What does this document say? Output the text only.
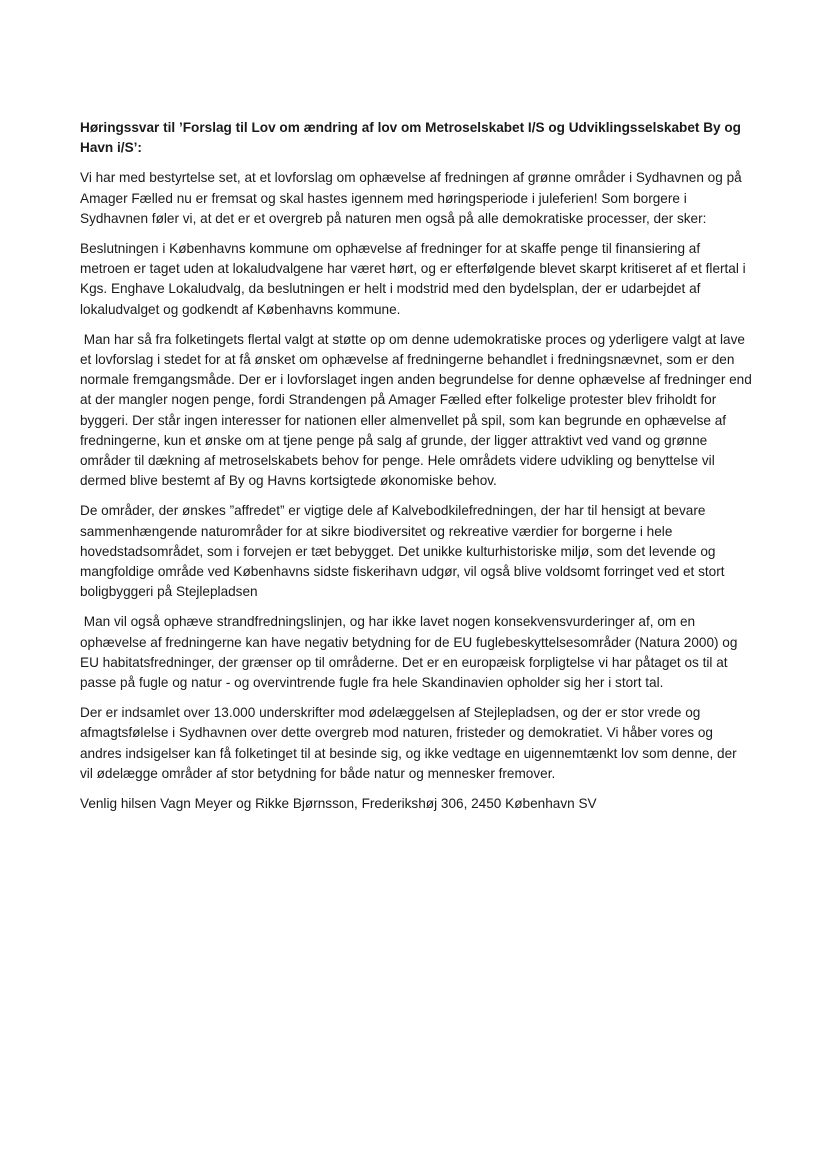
Høringssvar til ’Forslag til Lov om ændring af lov om Metroselskabet I/S og Udviklingsselskabet By og Havn i/S’:

Vi har med bestyrtelse set, at et lovforslag om ophævelse af fredningen af grønne områder i Sydhavnen og på Amager Fælled nu er fremsat og skal hastes igennem med høringsperiode i juleferien! Som borgere i Sydhavnen føler vi, at det er et overgreb på naturen men også på alle demokratiske processer, der sker:

Beslutningen i Københavns kommune om ophævelse af fredninger for at skaffe penge til finansiering af metroen er taget uden at lokaludvalgene har været hørt, og er efterfølgende blevet skarpt kritiseret af et flertal i Kgs. Enghave Lokaludvalg, da beslutningen er helt i modstrid med den bydelsplan, der er udarbejdet af lokaludvalget og godkendt af Københavns kommune.

Man har så fra folketingets flertal valgt at støtte op om denne udemokratiske proces og yderligere valgt at lave et lovforslag i stedet for at få ønsket om ophævelse af fredningerne behandlet i fredningsnævnet, som er den normale fremgangsmåde. Der er i lovforslaget ingen anden begrundelse for denne ophævelse af fredninger end at der mangler nogen penge, fordi Strandengen på Amager Fælled efter folkelige protester blev friholdt for byggeri. Der står ingen interesser for nationen eller almenvellet på spil, som kan begrunde en ophævelse af fredningerne, kun et ønske om at tjene penge på salg af grunde, der ligger attraktivt ved vand og grønne områder til dækning af metroselskabets behov for penge. Hele områdets videre udvikling og benyttelse vil dermed blive bestemt af By og Havns kortsigtede økonomiske behov.

De områder, der ønskes ”affredet” er vigtige dele af Kalvebodkilefredningen, der har til hensigt at bevare sammenhængende naturområder for at sikre biodiversitet og rekreative værdier for borgerne i hele hovedstadsområdet, som i forvejen er tæt bebygget. Det unikke kulturhistoriske miljø, som det levende og mangfoldige område ved Københavns sidste fiskerihavn udgør, vil også blive voldsomt forringet ved et stort boligbyggeri på Stejlepladsen

Man vil også ophæve strandfredningslinjen, og har ikke lavet nogen konsekvensvurderinger af, om en ophævelse af fredningerne kan have negativ betydning for de EU fuglebeskyttelsesområder (Natura 2000) og EU habitatsfredninger, der grænser op til områderne. Det er en europæisk forpligtelse vi har påtaget os til at passe på fugle og natur - og overvintrende fugle fra hele Skandinavien opholder sig her i stort tal.

Der er indsamlet over 13.000 underskrifter mod ødelæggelsen af Stejlepladsen, og der er stor vrede og afmagtsfølelse i Sydhavnen over dette overgreb mod naturen, fristeder og demokratiet. Vi håber vores og andres indsigelser kan få folketinget til at besinde sig, og ikke vedtage en uigennemtænkt lov som denne, der vil ødelægge områder af stor betydning for både natur og mennesker fremover.

Venlig hilsen Vagn Meyer og Rikke Bjørnsson, Frederikshøj 306, 2450 København SV
